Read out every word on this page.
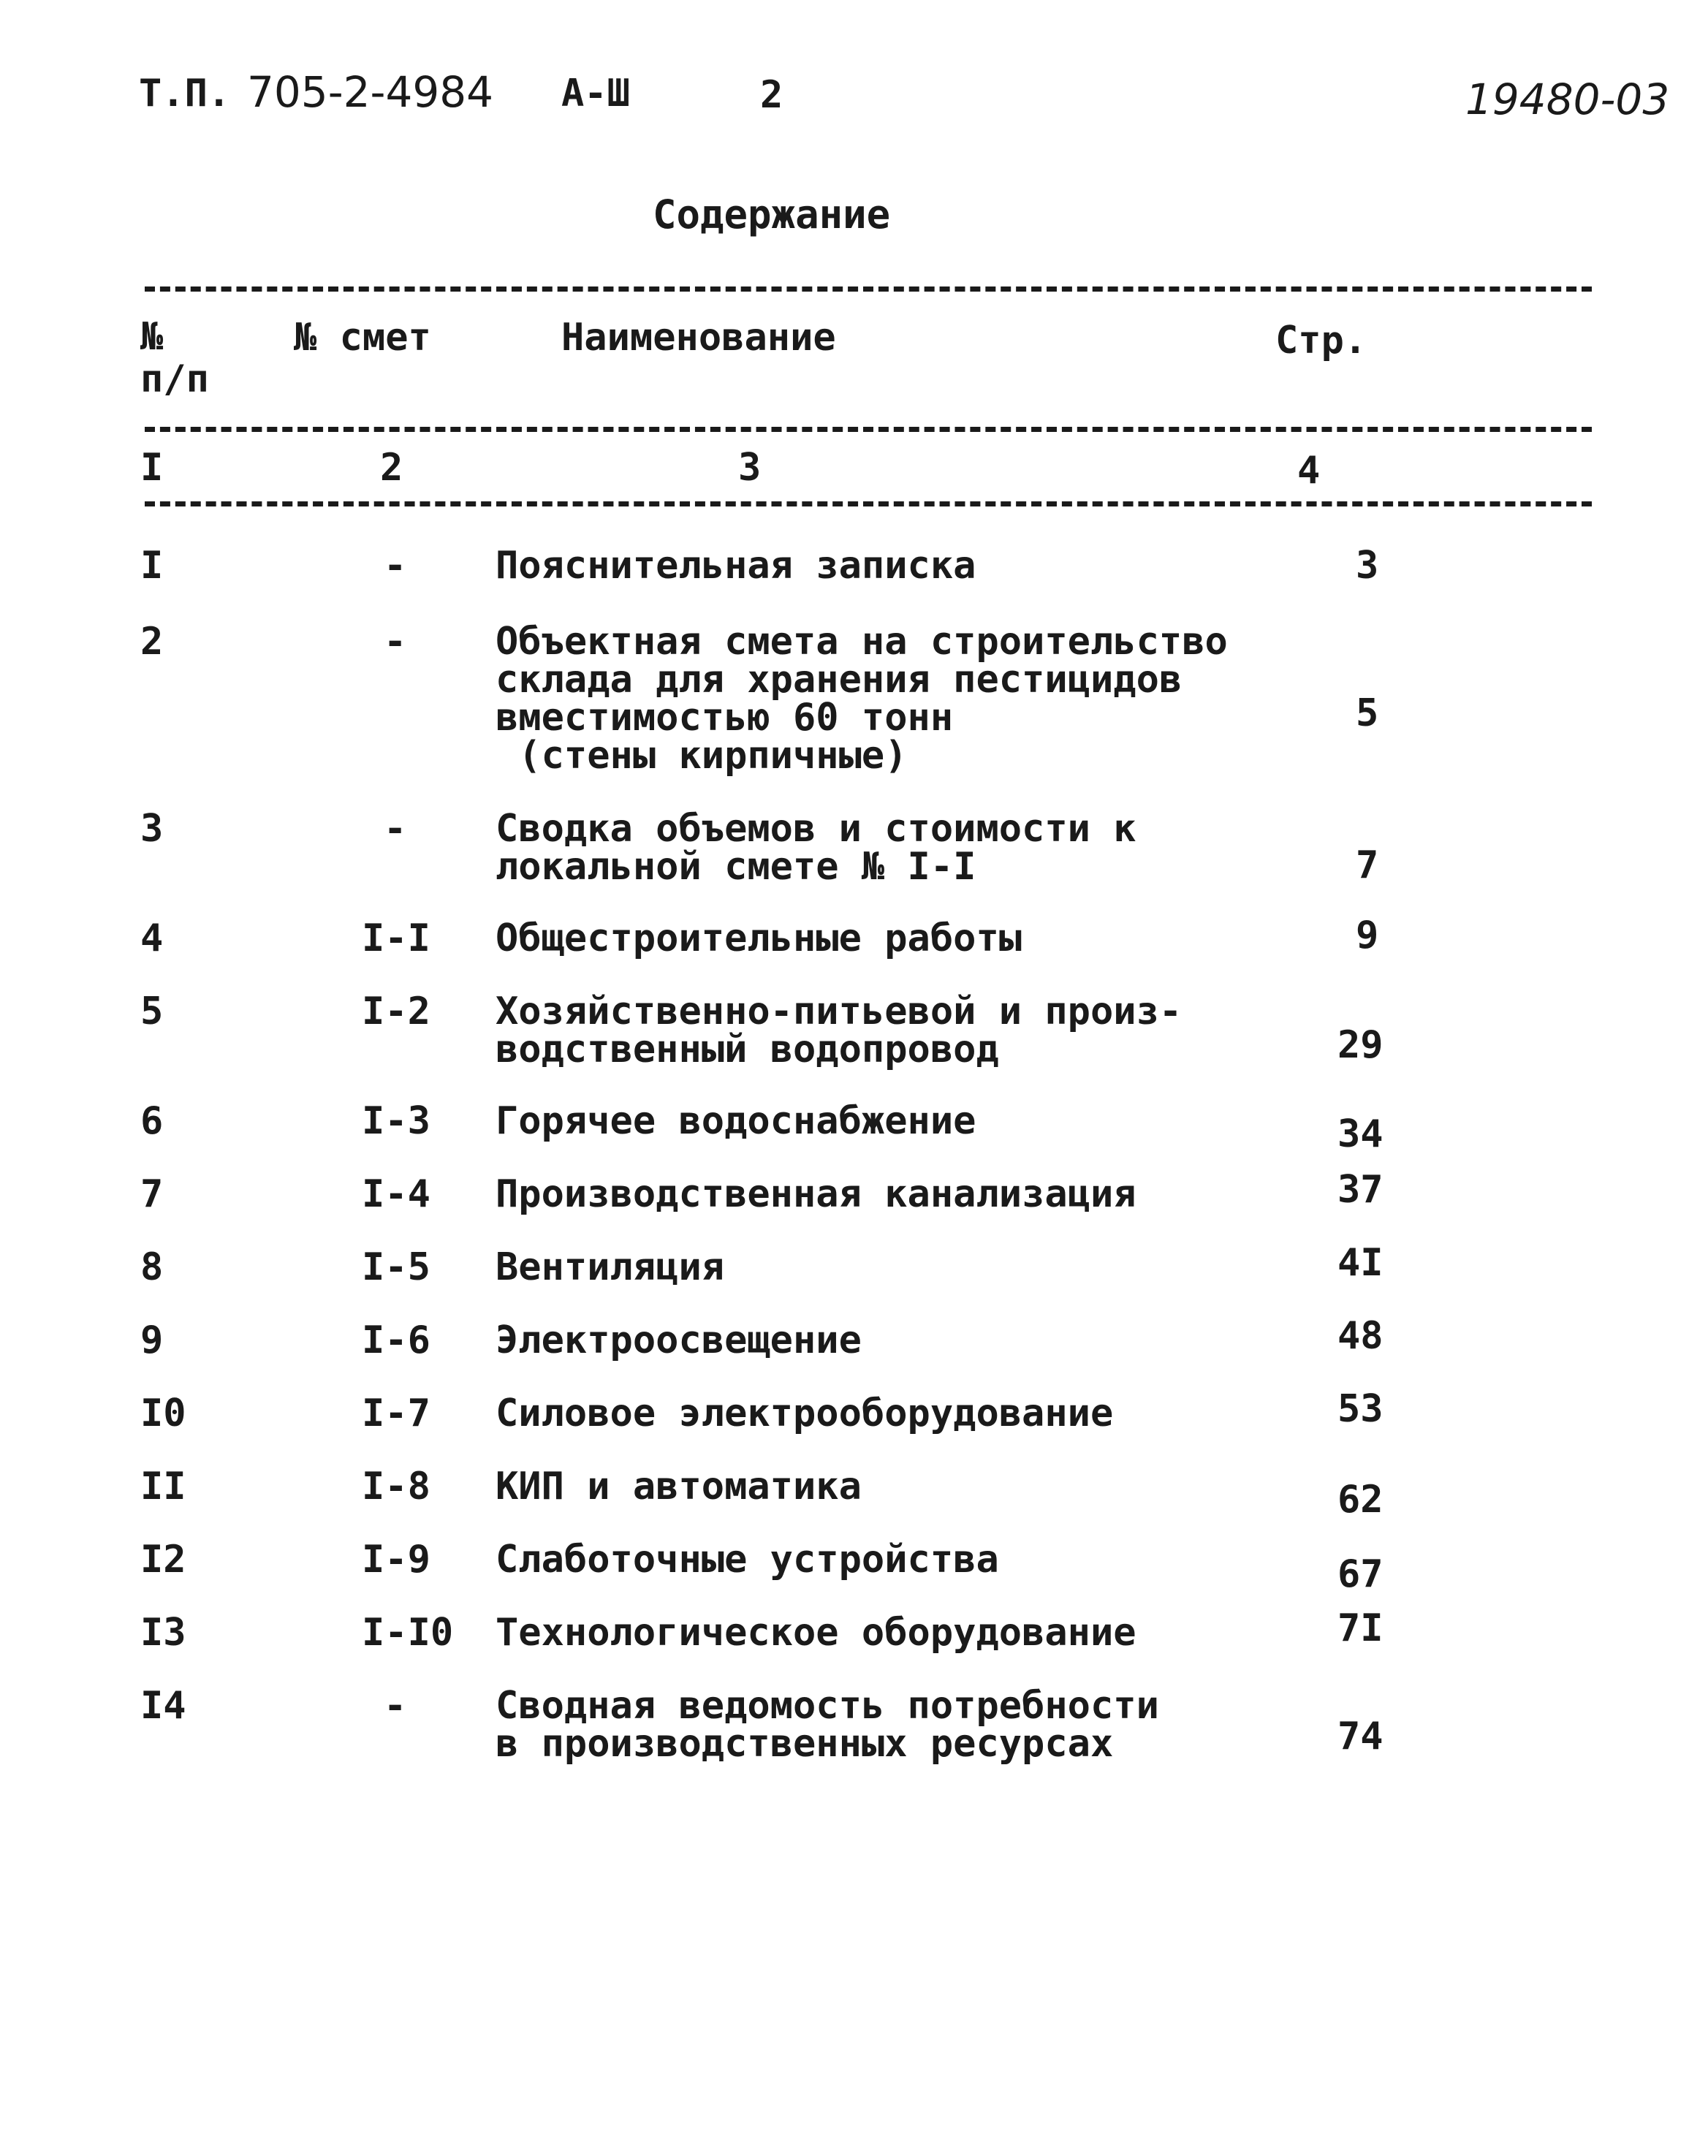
Т.П. 705-2-4984 А-Ш	2	19480-03
Содержание
№ п/п
№ смет	Наименование	Стр.
I	2	3	4
I	- Пояснительная записка	3
2	- Объектная смета на строительство
склада для хранения пестицидов
вместимостью 60 тонн
(стены кирпичные)
5
3	- Сводка объемов и стоимости к
локальной смете № I-I	7
4	I-I Общестроительные работы	9
5	I-2 Хозяйственно-питьевой и произ-
водственный водопровод	29
6	I-3 Горячее водоснабжение	34
7	I-4 Производственная канализация	37
8	I-5 Вентиляция	4I
9	I-6 Электроосвещение	48
I0	I-7 Силовое электрооборудование	53
II	I-8 КИП и автоматика	62
I2	I-9 Слаботочные устройства	67
I3	I-I0 Технологическое оборудование	7I
I4	- Сводная ведомость потребности
в производственных ресурсах	74
